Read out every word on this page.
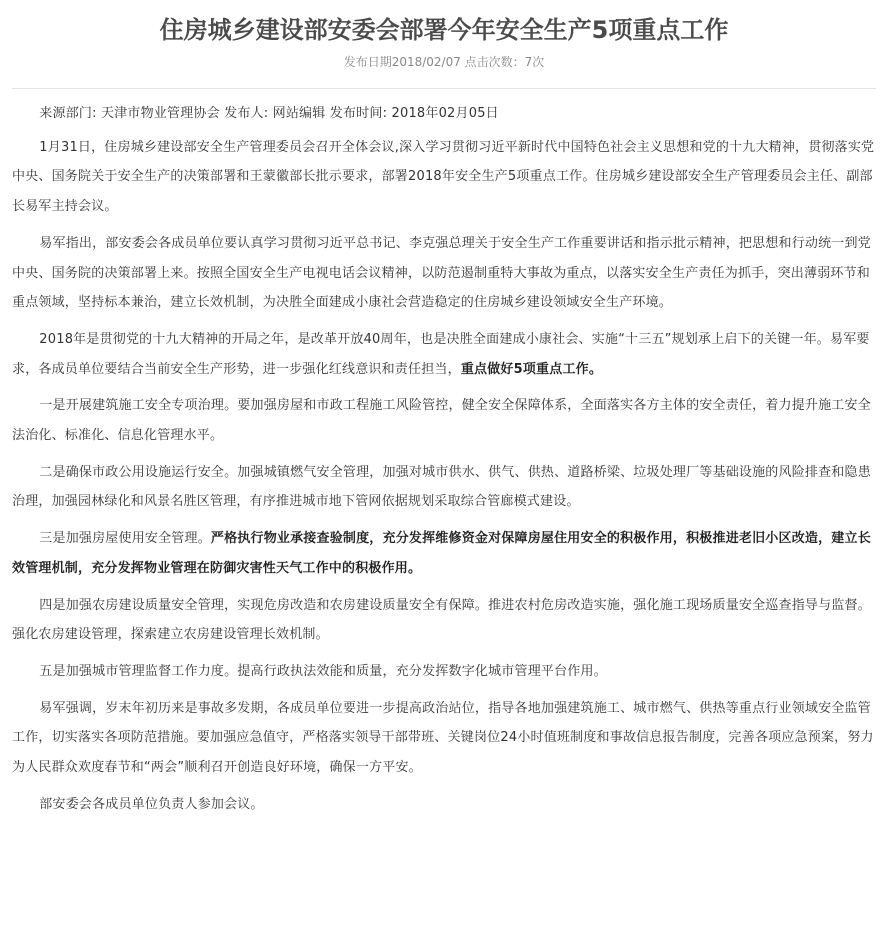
住房城乡建设部安委会部署今年安全生产5项重点工作
发布日期2018/02/07 点击次数：7次

来源部门: 天津市物业管理协会 发布人: 网站编辑 发布时间: 2018年02月05日

1月31日，住房城乡建设部安全生产管理委员会召开全体会议,深入学习贯彻习近平新时代中国特色社会主义思想和党的十九大精神，贯彻落实党中央、国务院关于安全生产的决策部署和王蒙徽部长批示要求，部署2018年安全生产5项重点工作。住房城乡建设部安全生产管理委员会主任、副部长易军主持会议。

易军指出，部安委会各成员单位要认真学习贯彻习近平总书记、李克强总理关于安全生产工作重要讲话和指示批示精神，把思想和行动统一到党中央、国务院的决策部署上来。按照全国安全生产电视电话会议精神，以防范遏制重特大事故为重点，以落实安全生产责任为抓手，突出薄弱环节和重点领域，坚持标本兼治，建立长效机制，为决胜全面建成小康社会营造稳定的住房城乡建设领域安全生产环境。

2018年是贯彻党的十九大精神的开局之年，是改革开放40周年，也是决胜全面建成小康社会、实施“十三五”规划承上启下的关键一年。易军要求，各成员单位要结合当前安全生产形势，进一步强化红线意识和责任担当，重点做好5项重点工作。

一是开展建筑施工安全专项治理。要加强房屋和市政工程施工风险管控，健全安全保障体系，全面落实各方主体的安全责任，着力提升施工安全法治化、标准化、信息化管理水平。

二是确保市政公用设施运行安全。加强城镇燃气安全管理，加强对城市供水、供气、供热、道路桥梁、垃圾处理厂等基础设施的风险排查和隐患治理，加强园林绿化和风景名胜区管理，有序推进城市地下管网依据规划采取综合管廊模式建设。

三是加强房屋使用安全管理。严格执行物业承接查验制度，充分发挥维修资金对保障房屋住用安全的积极作用，积极推进老旧小区改造，建立长效管理机制，充分发挥物业管理在防御灾害性天气工作中的积极作用。

四是加强农房建设质量安全管理，实现危房改造和农房建设质量安全有保障。推进农村危房改造实施，强化施工现场质量安全巡查指导与监督。强化农房建设管理，探索建立农房建设管理长效机制。

五是加强城市管理监督工作力度。提高行政执法效能和质量，充分发挥数字化城市管理平台作用。

易军强调，岁末年初历来是事故多发期，各成员单位要进一步提高政治站位，指导各地加强建筑施工、城市燃气、供热等重点行业领域安全监管工作，切实落实各项防范措施。要加强应急值守，严格落实领导干部带班、关键岗位24小时值班制度和事故信息报告制度，完善各项应急预案，努力为人民群众欢度春节和“两会”顺利召开创造良好环境，确保一方平安。

部安委会各成员单位负责人参加会议。
